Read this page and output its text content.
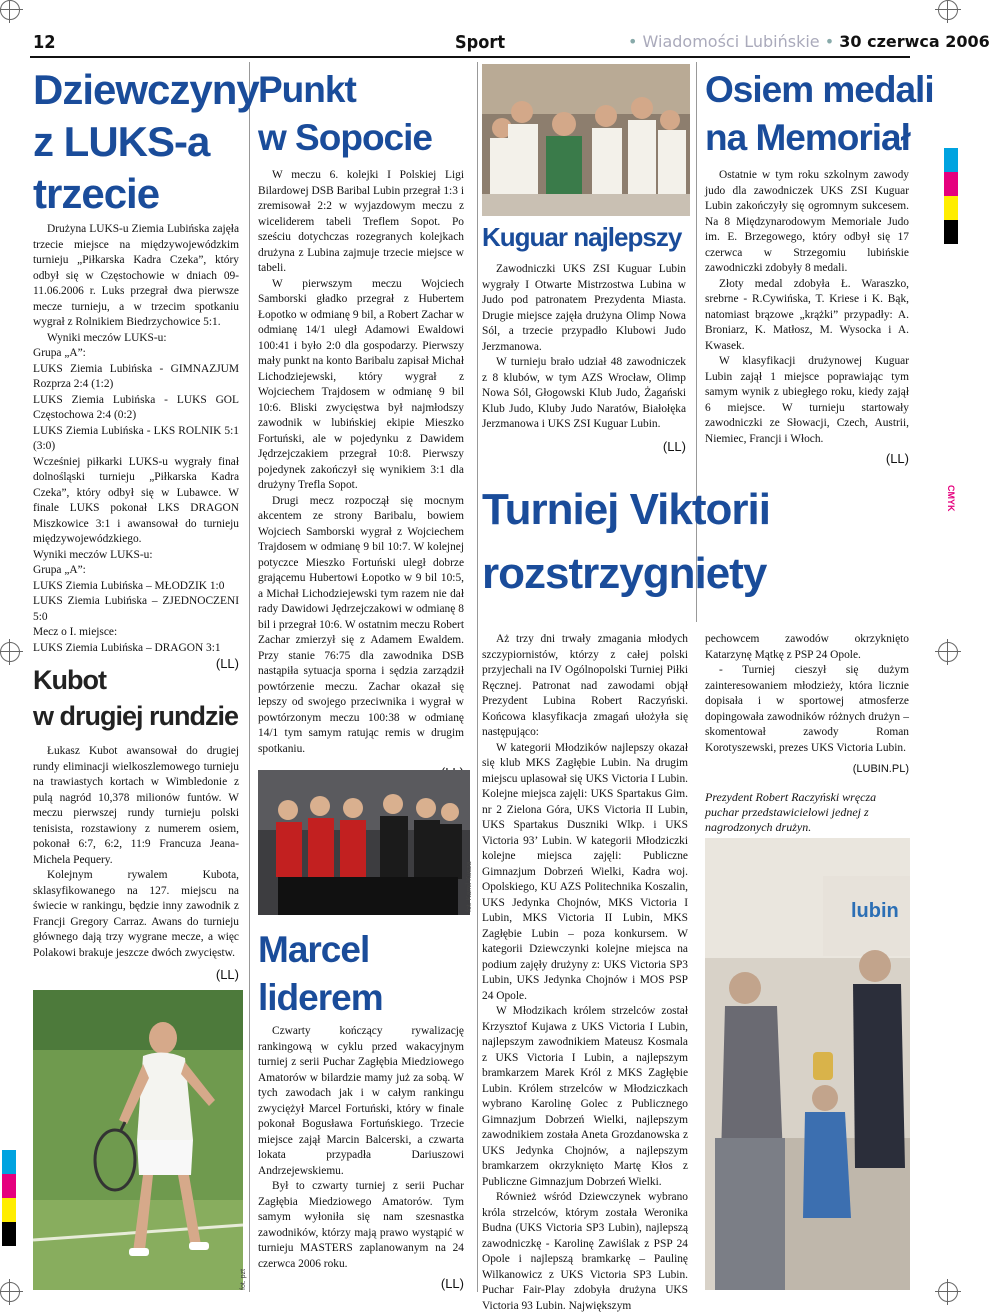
CMYK
12	Sport	• Wiadomości Lubińskie • 30 czerwca 2006
Dziewczyny
z LUKS-a
trzecie

Drużyna LUKS-u Ziemia Lubińska zajęła trzecie miejsce na międzywojewódzkim turnieju „Piłkarska Kadra Czeka”, który odbył się w Częstochowie w dniach 09-11.06.2006 r. Luks przegrał dwa pierwsze mecze turnieju, a w trzecim spotkaniu wygrał z Rolnikiem Biedrzychowice 5:1.

Wyniki meczów LUKS-u:

Grupa „A”:

LUKS Ziemia Lubińska - GIMNAZJUM Rozprza 2:4 (1:2)

LUKS Ziemia Lubińska - LUKS GOL Częstochowa 2:4 (0:2)

LUKS Ziemia Lubińska - LKS ROLNIK 5:1 (3:0)

Wcześniej piłkarki LUKS-u wygrały finał dolnośląski turnieju „Piłkarska Kadra Czeka”, który odbył się w Lubawce. W finale LUKS pokonał LKS DRAGON Miszkowice 3:1 i awansował do turnieju międzywojewódzkiego.

Wyniki meczów LUKS-u:

Grupa „A”:

LUKS Ziemia Lubińska – MŁODZIK 1:0

LUKS Ziemia Lubińska – ZJEDNOCZENI 5:0

Mecz o I. miejsce:

LUKS Ziemia Lubińska – DRAGON 3:1

(LL)
Kubot
w drugiej rundzie

Łukasz Kubot awansował do drugiej rundy eliminacji wielkoszlemowego turnieju na trawiastych kortach w Wimbledonie z pulą nagród 10,378 milionów funtów. W meczu pierwszej rundy turnieju polski tenisista, rozstawiony z numerem osiem, pokonał 6:7, 6:2, 11:9 Francuza Jeana-Michela Pequery.

Kolejnym rywalem Kubota, sklasyfikowanego na 127. miejscu na świecie w rankingu, będzie inny zawodnik z Francji Gregory Carraz. Awans do turnieju głównego dają trzy wygrane mecze, a więc Polakowi brakuje jeszcze dwóch zwycięstw.

(LL)
fot. pzt
Punkt
w Sopocie

W meczu 6. kolejki I Polskiej Ligi Bilardowej DSB Baribal Lubin przegrał 1:3 i zremisował 2:2 w wyjazdowym meczu z wiceliderem tabeli Treflem Sopot. Po sześciu dotychczas rozegranych kolejkach drużyna z Lubina zajmuje trzecie miejsce w tabeli.

W pierwszym meczu Wojciech Samborski gładko przegrał z Hubertem Łopotko w odmianę 9 bil, a Robert Zachar w odmianę 14/1 uległ Adamowi Ewaldowi 100:41 i było 2:0 dla gospodarzy. Pierwszy mały punkt na konto Baribalu zapisał Michał Lichodziejewski, który wygrał z Wojciechem Trajdosem w odmianę 9 bil 10:6. Bliski zwycięstwa był najmłodszy zawodnik w lubińskiej ekipie Mieszko Fortuński, ale w pojedynku z Dawidem Jędrzejczakiem przegrał 10:8. Pierwszy pojedynek zakończył się wynikiem 3:1 dla drużyny Trefla Sopot.

Drugi mecz rozpoczął się mocnym akcentem ze strony Baribalu, bowiem Wojciech Samborski wygrał z Wojciechem Trajdosem w odmianę 9 bil 10:7. W kolejnej potyczce Mieszko Fortuński uległ dobrze grającemu Hubertowi Łopotko w 9 bil 10:5, a Michał Lichodziejewski tym razem nie dał rady Dawidowi Jędrzejczakowi w odmianę 8 bil i przegrał 10:6. W ostatnim meczu Robert Zachar zmierzył się z Adamem Ewaldem. Przy stanie 76:75 dla zawodnika DSB nastąpiła sytuacja sporna i sędzia zarządził powtórzenie meczu. Zachar okazał się lepszy od swojego przeciwnika i wygrał w powtórzonym meczu 100:38 w odmianę 14/1 tym samym ratując remis w drugim spotkaniu.

fot. Kamil Kusza
Marcel
liderem

Czwarty kończący rywalizację rankingową w cyklu przed wakacyjnym turniej z serii Puchar Zagłębia Miedziowego Amatorów w bilardzie mamy już za sobą. W tych zawodach jak i w całym rankingu zwyciężył Marcel Fortuński, który w finale pokonał Bogusława Fortuńskiego. Trzecie miejsce zajął Marcin Balcerski, a czwarta lokata przypadła Dariuszowi Andrzejewskiemu.

Był to czwarty turniej z serii Puchar Zagłębia Miedziowego Amatorów. Tym samym wyłoniła się nam szesnastka zawodników, którzy mają prawo wystąpić w turnieju MASTERS zaplanowanym na 24 czerwca 2006 roku.

(LL)
Kuguar najlepszy

Zawodniczki UKS ZSI Kuguar Lubin wygrały I Otwarte Mistrzostwa Lubina w Judo pod patronatem Prezydenta Miasta. Drugie miejsce zajęła drużyna Olimp Nowa Sól, a trzecie przypadło Klubowi Judo Jerzmanowa.

W turnieju brało udział 48 zawodniczek z 8 klubów, w tym AZS Wrocław, Olimp Nowa Sól, Głogowski Klub Judo, Żagański Klub Judo, Kluby Judo Naratów, Białołęka Jerzmanowa i UKS ZSI Kuguar Lubin.

(LL)
Osiem medali
na Memoriał

Ostatnie w tym roku szkolnym zawody judo dla zawodniczek UKS ZSI Kuguar Lubin zakończyły się ogromnym sukcesem. Na 8 Międzynarodowym Memoriale Judo im. E. Brzegowego, który odbył się 17 czerwca w Strzegomiu lubińskie zawodniczki zdobyły 8 medali.

Złoty medal zdobyła Ł. Waraszko, srebrne - R.Cywińska, T. Kriese i K. Bąk, natomiast brązowe „krążki” przypadły: A. Broniarz, K. Matłosz, M. Wysocka i A. Kwasek.

W klasyfikacji drużynowej Kuguar Lubin zajął 1 miejsce poprawiając tym samym wynik z ubiegłego roku, kiedy zajął 6 miejsce. W turnieju startowały zawodniczki ze Słowacji, Czech, Austrii, Niemiec, Francji i Włoch.

(LL)
Turniej Viktorii
rozstrzygniety

Aż trzy dni trwały zmagania młodych szczypiornistów, którzy z całej polski przyjechali na IV Ogólnopolski Turniej Piłki Ręcznej. Patronat nad zawodami objął Prezydent Lubina Robert Raczyński. Końcowa klasyfikacja zmagań ułożyła się następująco:

W kategorii Młodzików najlepszy okazał się klub MKS Zagłębie Lubin. Na drugim miejscu uplasował się UKS Victoria I Lubin. Kolejne miejsca zajęli: UKS Spartakus Gim. nr 2 Zielona Góra, UKS Victoria II Lubin, UKS Spartakus Duszniki Wlkp. i UKS Victoria 93’ Lubin. W kategorii Młodziczki kolejne miejsca zajęli: Publiczne Gimnazjum Dobrzeń Wielki, Kadra woj. Opolskiego, KU AZS Politechnika Koszalin, UKS Jedynka Chojnów, MKS Victoria I Lubin, MKS Victoria II Lubin, MKS Zagłębie Lubin – poza konkursem. W kategorii Dziewczynki kolejne miejsca na podium zajęły drużyny z: UKS Victoria SP3 Lubin, UKS Jedynka Chojnów i MOS PSP 24 Opole.

W Młodzikach królem strzelców został Krzysztof Kujawa z UKS Victoria I Lubin, najlepszym zawodnikiem Mateusz Kosmala z UKS Victoria I Lubin, a najlepszym bramkarzem Marek Król z MKS Zagłębie Lubin. Królem strzelców w Młodziczkach wybrano Karolinę Golec z Publicznego Gimnazjum Dobrzeń Wielki, najlepszym zawodnikiem została Aneta Grozdanowska z UKS Jedynka Chojnów, a najlepszym bramkarzem okrzyknięto Martę Kłos z Publiczne Gimnazjum Dobrzeń Wielki.

Również wśród Dziewczynek wybrano króla strzelców, którym została Weronika Budna (UKS Victoria SP3 Lubin), najlepszą zawodniczkę - Karolinę Zawiślak z PSP 24 Opole i najlepszą bramkarkę – Paulinę Wilkanowicz z UKS Victoria SP3 Lubin. Puchar Fair-Play zdobyła drużyna UKS Victoria 93 Lubin. Największym

pechowcem zawodów okrzyknięto Katarzynę Mątkę z PSP 24 Opole.

- Turniej cieszył się dużym zainteresowaniem młodzieży, która licznie dopisała i w sportowej atmosferze dopingowała zawodników różnych drużyn – skomentował zawody Roman Korotyszewski, prezes UKS Victoria Lubin.

(LUBIN.PL)
Prezydent Robert Raczyński wręcza puchar przedstawicielowi jednej z nagrodzonych drużyn.
lubin
